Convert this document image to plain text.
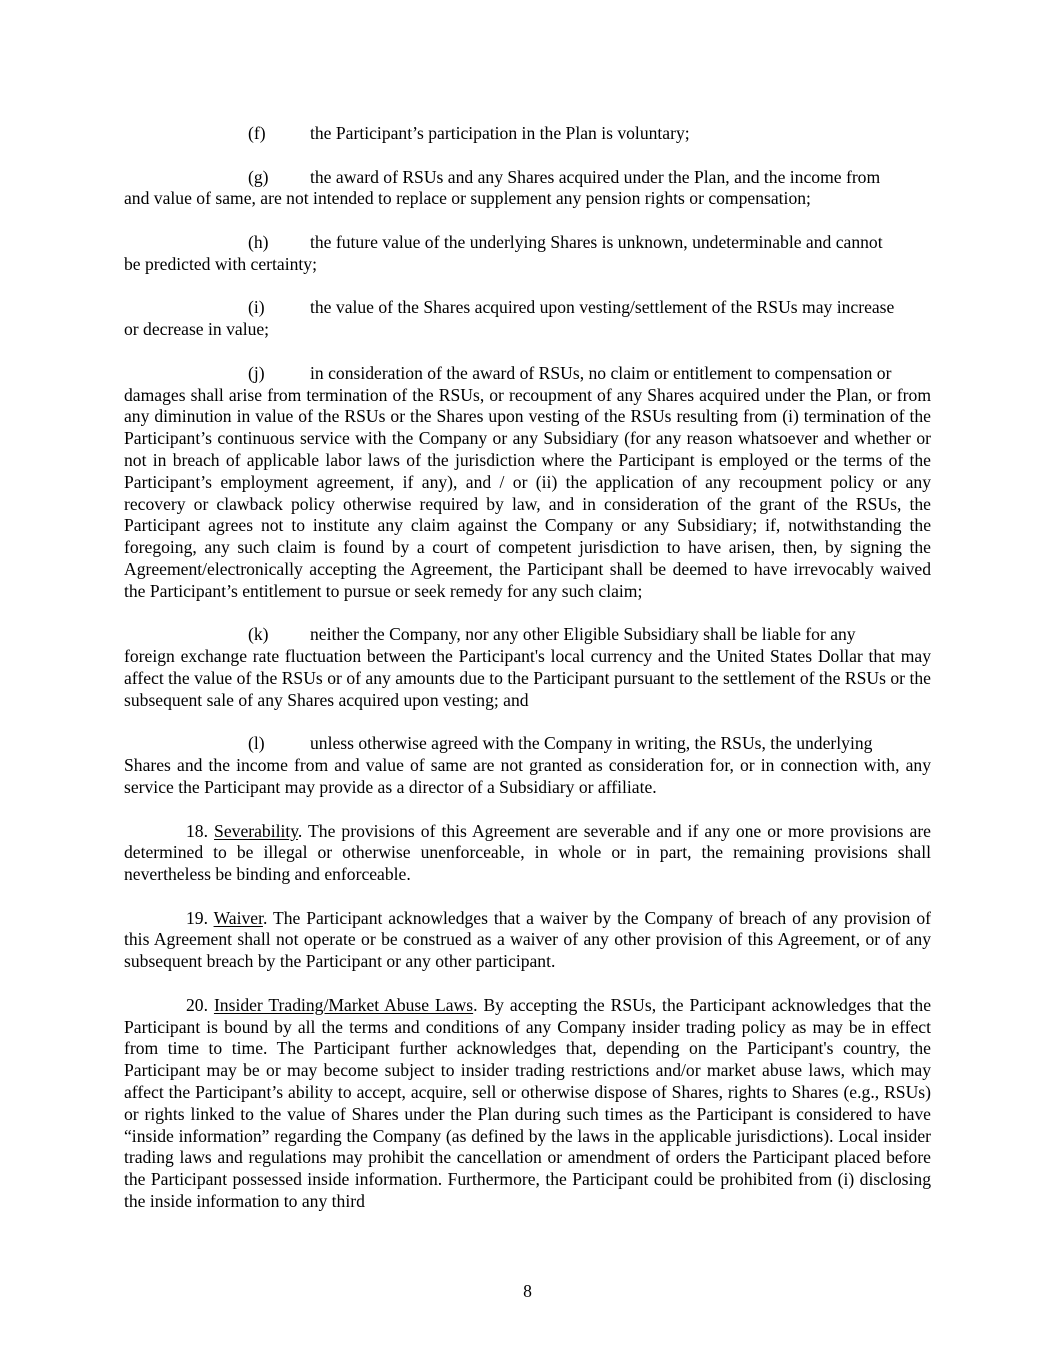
(f)	the Participant’s participation in the Plan is voluntary;

(g) the award of RSUs and any Shares acquired under the Plan, and the income from
and value of same, are not intended to replace or supplement any pension rights or compensation;

(h) the future value of the underlying Shares is unknown, undeterminable and cannot
be predicted with certainty;

(i)	the value of the Shares acquired upon vesting/settlement of the RSUs may increase
or decrease in value;

(j)	in consideration of the award of RSUs, no claim or entitlement to compensation or
damages shall arise from termination of the RSUs, or recoupment of any Shares acquired under the Plan, or from any diminution in value of the RSUs or the Shares upon vesting of the RSUs resulting from (i) termination of the Participant’s continuous service with the Company or any Subsidiary (for any reason whatsoever and whether or not in breach of applicable labor laws of the jurisdiction where the Participant is employed or the terms of the Participant’s employment agreement, if any), and / or (ii) the application of any recoupment policy or any recovery or clawback policy otherwise required by law, and in consideration of the grant of the RSUs, the Participant agrees not to institute any claim against the Company or any Subsidiary; if, notwithstanding the foregoing, any such claim is found by a court of competent jurisdiction to have arisen, then, by signing the Agreement/electronically accepting the Agreement, the Participant shall be deemed to have irrevocably waived the Participant’s entitlement to pursue or seek remedy for any such claim;

(k) neither the Company, nor any other Eligible Subsidiary shall be liable for any
foreign exchange rate fluctuation between the Participant's local currency and the United States Dollar that may affect the value of the RSUs or of any amounts due to the Participant pursuant to the settlement of the RSUs or the subsequent sale of any Shares acquired upon vesting; and

(l)	unless otherwise agreed with the Company in writing, the RSUs, the underlying
Shares and the income from and value of same are not granted as consideration for, or in connection with, any service the Participant may provide as a director of a Subsidiary or affiliate.

18. Severability. The provisions of this Agreement are severable and if any one or more provisions are determined to be illegal or otherwise unenforceable, in whole or in part, the remaining provisions shall nevertheless be binding and enforceable.

19. Waiver. The Participant acknowledges that a waiver by the Company of breach of any provision of this Agreement shall not operate or be construed as a waiver of any other provision of this Agreement, or of any subsequent breach by the Participant or any other participant.

20. Insider Trading/Market Abuse Laws. By accepting the RSUs, the Participant acknowledges that the Participant is bound by all the terms and conditions of any Company insider trading policy as may be in effect from time to time. The Participant further acknowledges that, depending on the Participant's country, the Participant may be or may become subject to insider trading restrictions and/or market abuse laws, which may affect the Participant’s ability to accept, acquire, sell or otherwise dispose of Shares, rights to Shares (e.g., RSUs) or rights linked to the value of Shares under the Plan during such times as the Participant is considered to have “inside information” regarding the Company (as defined by the laws in the applicable jurisdictions). Local insider trading laws and regulations may prohibit the cancellation or amendment of orders the Participant placed before the Participant possessed inside information. Furthermore, the Participant could be prohibited from (i) disclosing the inside information to any third

8
